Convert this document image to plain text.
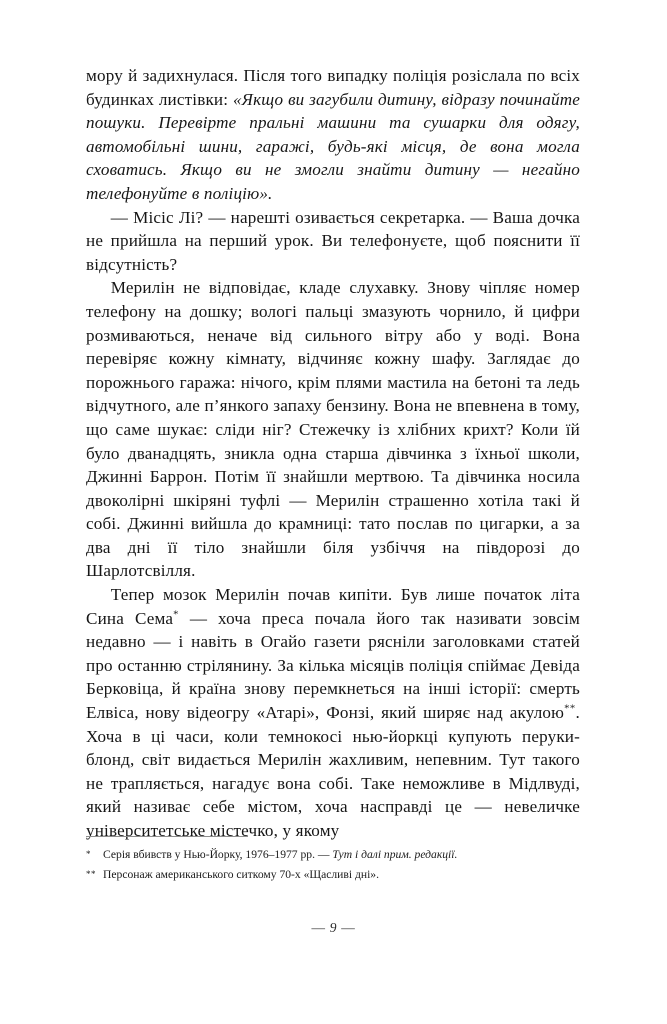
мору й задихнулася. Після того випадку поліція розіслала по всіх будинках листівки: «Якщо ви загубили дитину, відразу починайте пошуки. Перевірте пральні машини та сушарки для одягу, автомобільні шини, гаражі, будь-які місця, де вона могла сховатись. Якщо ви не змогли знайти дитину — негайно телефонуйте в поліцію».

— Місіс Лі? — нарешті озивається секретарка. — Ваша дочка не прийшла на перший урок. Ви телефонуєте, щоб пояснити її відсутність?

Мерилін не відповідає, кладе слухавку. Знову чіпляє номер телефону на дошку; вологі пальці змазують чорнило, й цифри розмиваються, неначе від сильного вітру або у воді. Вона перевіряє кожну кімнату, відчиняє кожну шафу. Заглядає до порожнього гаража: нічого, крім плями мастила на бетоні та ледь відчутного, але п’янкого запаху бензину. Вона не впевнена в тому, що саме шукає: сліди ніг? Стежечку із хлібних крихт? Коли їй було дванадцять, зникла одна старша дівчинка з їхньої школи, Джинні Баррон. Потім її знайшли мертвою. Та дівчинка носила двоколірні шкіряні туфлі — Мерилін страшенно хотіла такі й собі. Джинні вийшла до крамниці: тато послав по цигарки, а за два дні її тіло знайшли біля узбіччя на півдорозі до Шарлотсвілля.

Тепер мозок Мерилін почав кипіти. Був лише початок літа Сина Сема* — хоча преса почала його так називати зовсім недавно — і навіть в Огайо газети рясніли заголовками статей про останню стрілянину. За кілька місяців поліція спіймає Девіда Берковіца, й країна знову перемкнеться на інші історії: смерть Елвіса, нову відеогру «Атарі», Фонзі, який ширяє над акулою**. Хоча в ці часи, коли темнокосі нью-йоркці купують перуки-блонд, світ видається Мерилін жахливим, непевним. Тут такого не трапляється, нагадує вона собі. Таке неможливе в Мідлвуді, який називає себе містом, хоча насправді це — невеличке університетське містечко, у якому

* Серія вбивств у Нью-Йорку, 1976–1977 рр. — Тут і далі прим. редакції.

** Персонаж американського ситкому 70-х «Щасливі дні».

— 9 —
